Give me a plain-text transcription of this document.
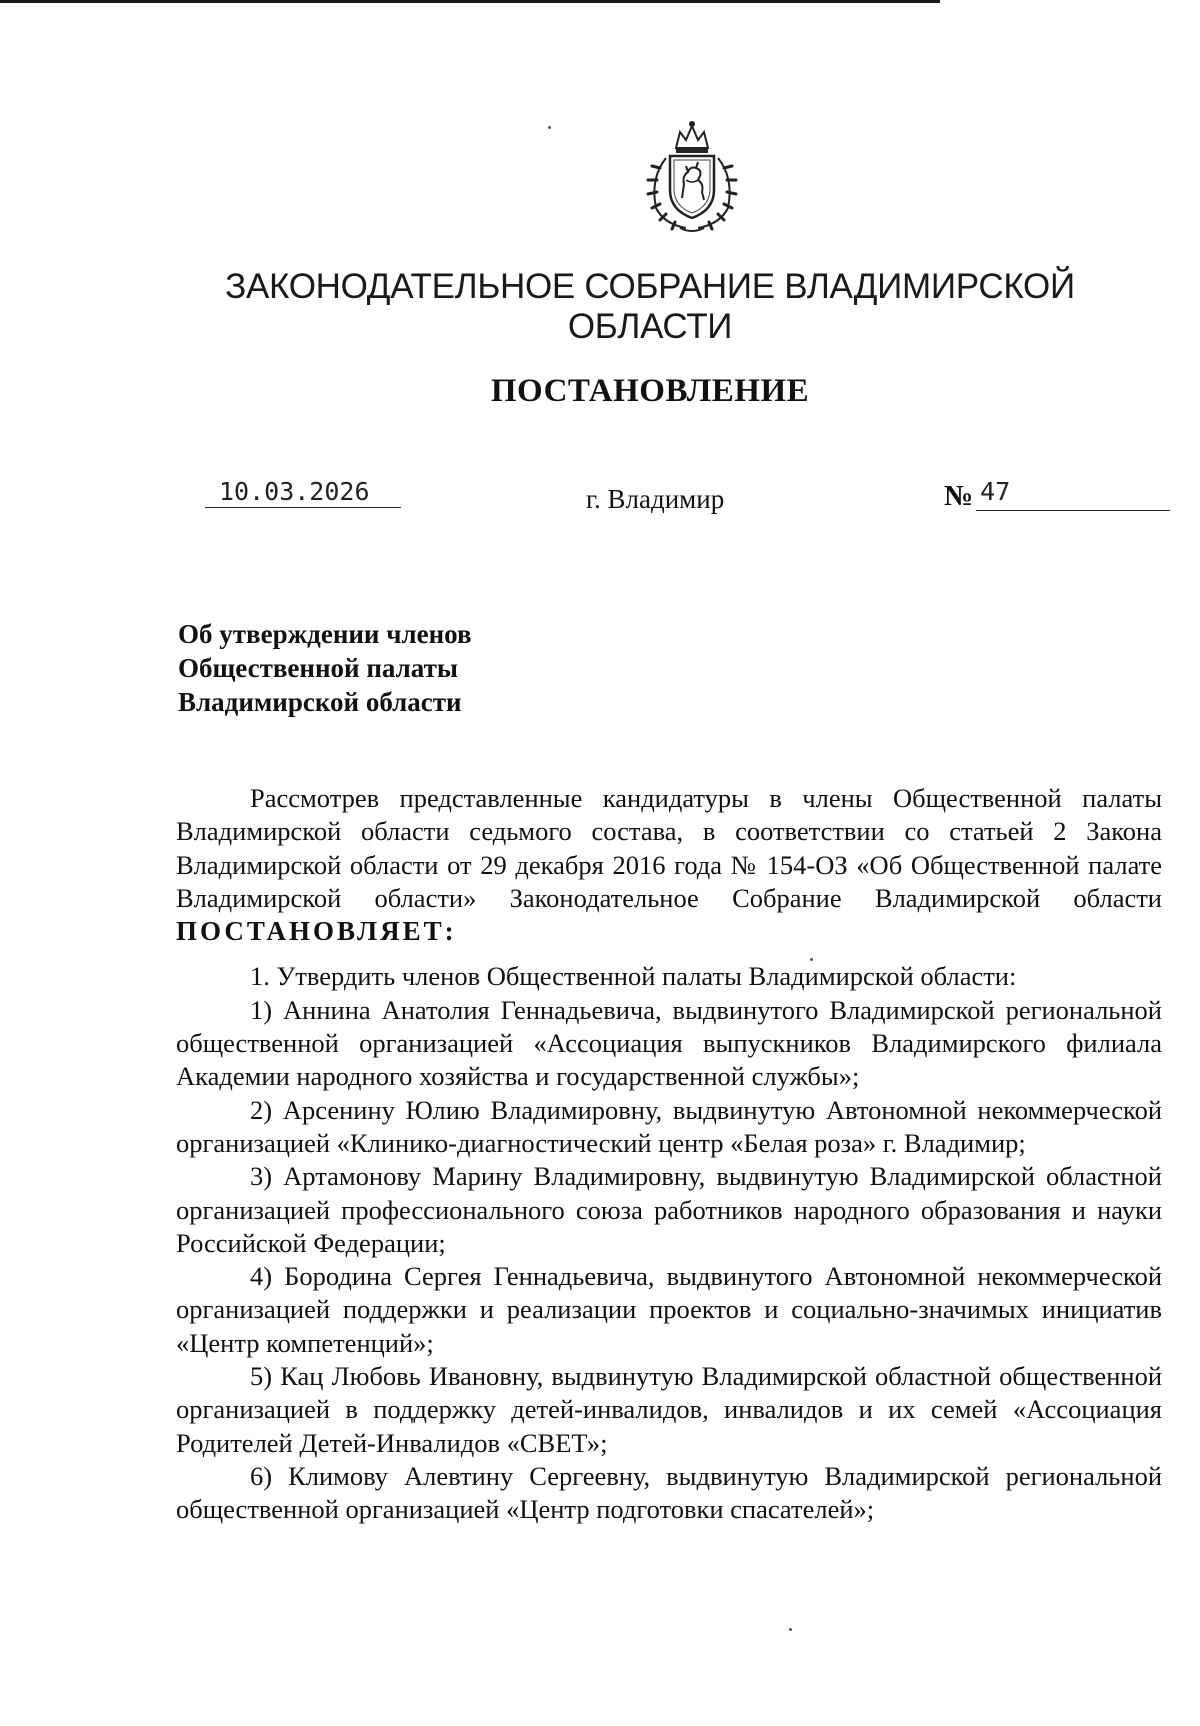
ЗАКОНОДАТЕЛЬНОЕ СОБРАНИЕ ВЛАДИМИРСКОЙ ОБЛАСТИ
ПОСТАНОВЛЕНИЕ
10.03.2026	г. Владимир	№ 47
Об утверждении членов
Общественной палаты
Владимирской области

Рассмотрев представленные кандидатуры в члены Общественной палаты Владимирской области седьмого состава, в соответствии со статьей 2 Закона Владимирской области от 29 декабря 2016 года № 154-ОЗ «Об Общественной палате Владимирской области» Законодательное Собрание Владимирской области ПОСТАНОВЛЯЕТ:

1. Утвердить членов Общественной палаты Владимирской области:

1) Аннина Анатолия Геннадьевича, выдвинутого Владимирской региональной общественной организацией «Ассоциация выпускников Владимирского филиала Академии народного хозяйства и государственной службы»;

2) Арсенину Юлию Владимировну, выдвинутую Автономной некоммерческой организацией «Клинико-диагностический центр «Белая роза» г. Владимир;

3) Артамонову Марину Владимировну, выдвинутую Владимирской областной организацией профессионального союза работников народного образования и науки Российской Федерации;

4) Бородина Сергея Геннадьевича, выдвинутого Автономной некоммерческой организацией поддержки и реализации проектов и социально-значимых инициатив «Центр компетенций»;

5) Кац Любовь Ивановну, выдвинутую Владимирской областной общественной организацией в поддержку детей-инвалидов, инвалидов и их семей «Ассоциация Родителей Детей-Инвалидов «СВЕТ»;

6) Климову Алевтину Сергеевну, выдвинутую Владимирской региональной общественной организацией «Центр подготовки спасателей»;
